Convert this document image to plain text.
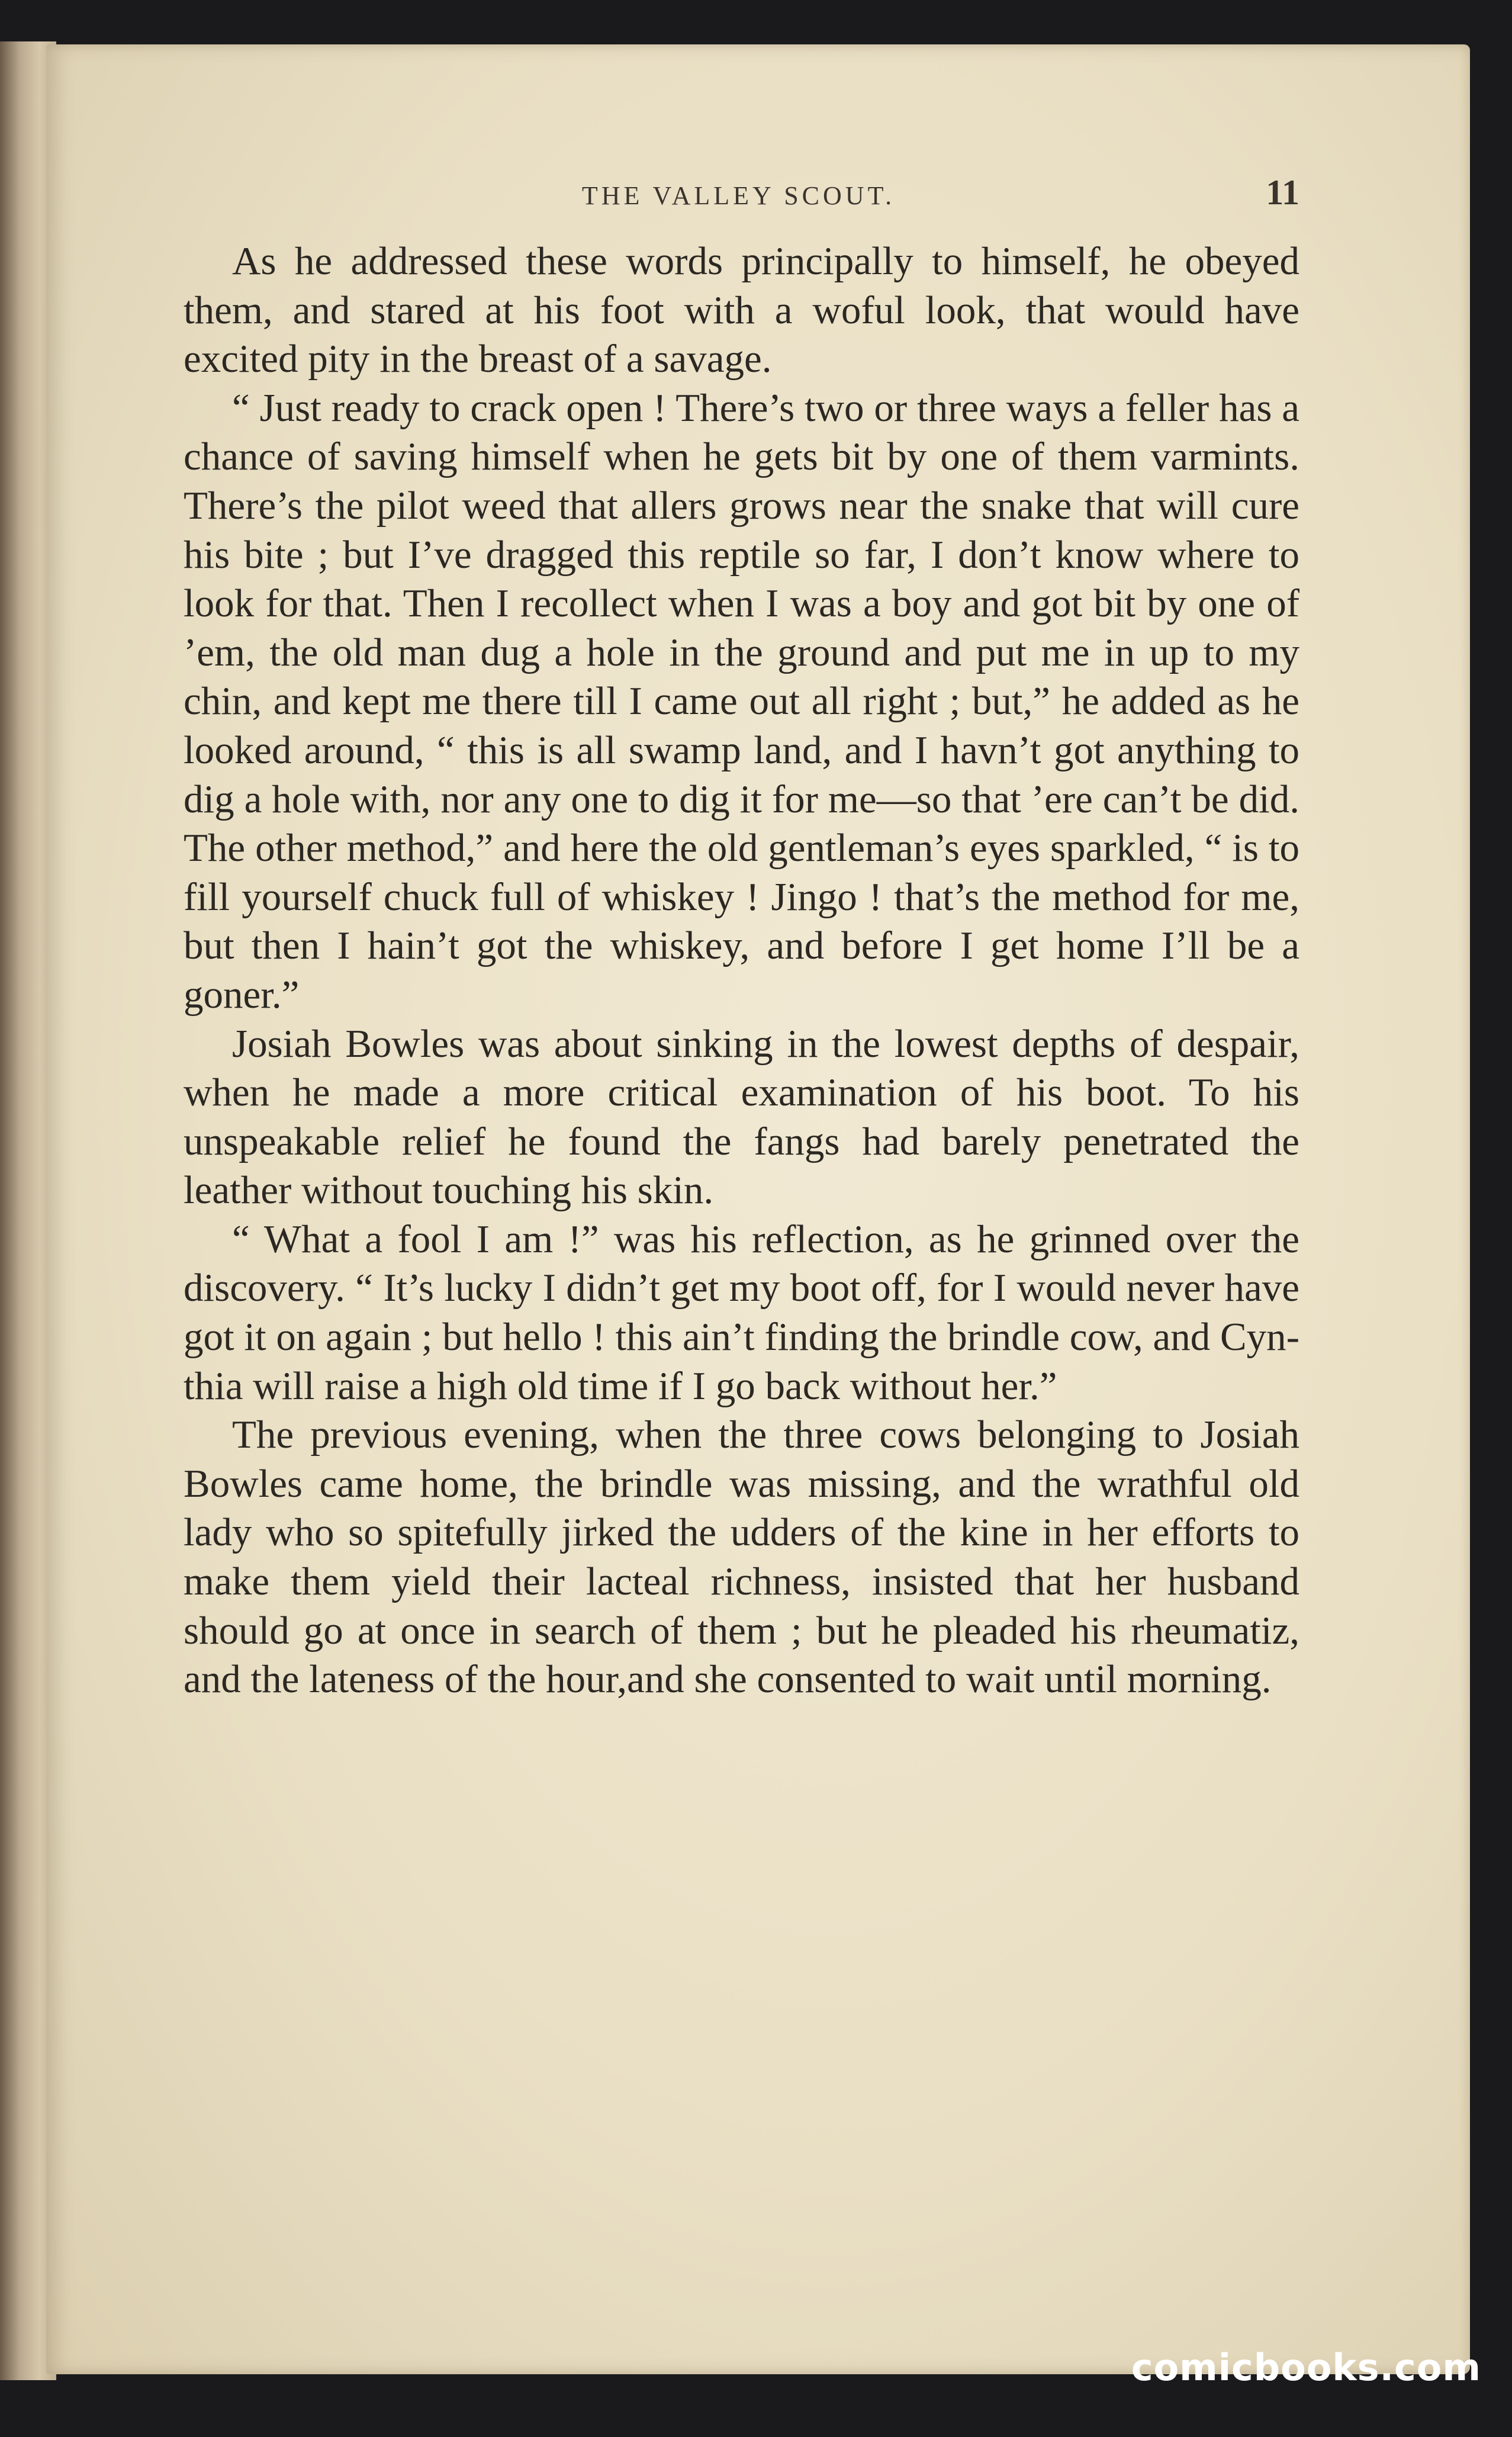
THE VALLEY SCOUT.	11

As he addressed these words principally to himself, he obeyed them, and stared at his foot with a woful look, that would have excited pity in the breast of a savage.

“ Just ready to crack open ! There’s two or three ways a feller has a chance of saving himself when he gets bit by one of them varmints. There’s the pilot weed that allers grows near the snake that will cure his bite ; but I’ve dragged this reptile so far, I don’t know where to look for that. Then I recollect when I was a boy and got bit by one of ’em, the old man dug a hole in the ground and put me in up to my chin, and kept me there till I came out all right ; but,” he added as he looked around, “ this is all swamp land, and I havn’t got anything to dig a hole with, nor any one to dig it for me—so that ’ere can’t be did. The other method,” and here the old gentleman’s eyes sparkled, “ is to fill yourself chuck full of whiskey ! Jingo ! that’s the method for me, but then I hain’t got the whiskey, and before I get home I’ll be a goner.”

Josiah Bowles was about sinking in the lowest depths of despair, when he made a more critical examination of his boot. To his unspeakable relief he found the fangs had barely penetrated the leather without touching his skin.

“ What a fool I am !” was his reflection, as he grinned over the discovery. “ It’s lucky I didn’t get my boot off, for I would never have got it on again ; but hello ! this ain’t finding the brindle cow, and Cynthia will raise a high old time if I go back without her.”

The previous evening, when the three cows belonging to Josiah Bowles came home, the brindle was missing, and the wrathful old lady who so spitefully jirked the udders of the kine in her efforts to make them yield their lacteal richness, insisted that her husband should go at once in search of them ; but he pleaded his rheumatiz, and the lateness of the hour,and she consented to wait until morning.

comicbooks.com
